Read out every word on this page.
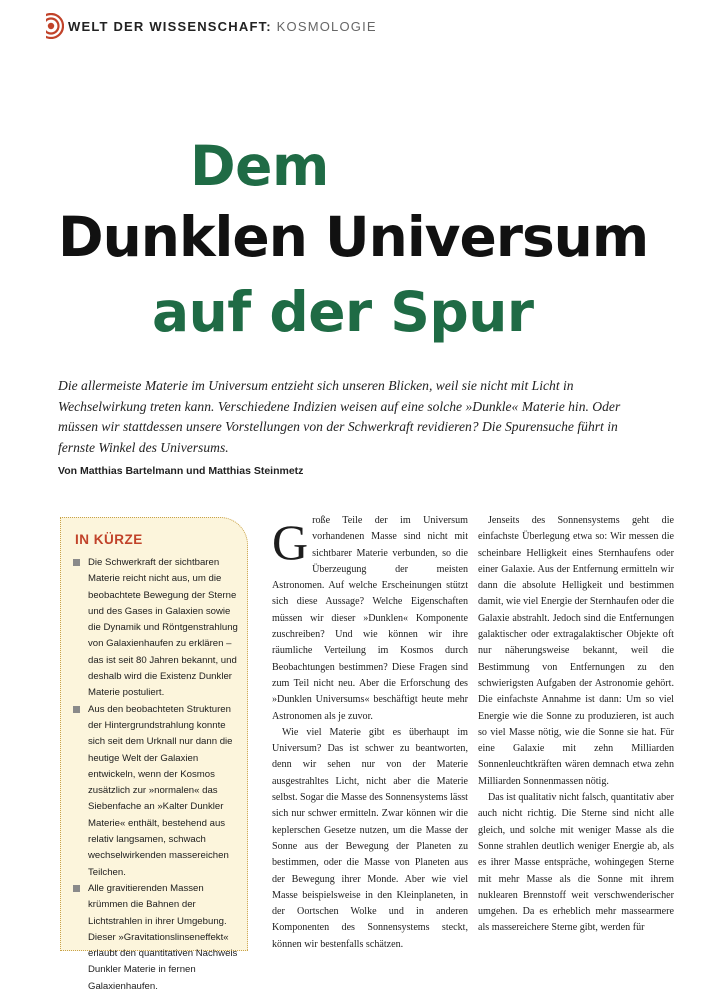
WELT DER WISSENSCHAFT: KOSMOLOGIE
Dem
Dunklen Universum
auf der Spur

Die allermeiste Materie im Universum entzieht sich unseren Blicken, weil sie nicht mit Licht in Wechselwirkung treten kann. Verschiedene Indizien weisen auf eine solche »Dunkle« Materie hin. Oder müssen wir stattdessen unsere Vorstellungen von der Schwerkraft revidieren? Die Spurensuche führt in fernste Winkel des Universums.

Von Matthias Bartelmann und Matthias Steinmetz

IN KÜRZE
Die Schwerkraft der sichtbaren Materie reicht nicht aus, um die beobachtete Bewegung der Sterne und des Gases in Galaxien sowie die Dynamik und Röntgenstrahlung von Galaxienhaufen zu erklären – das ist seit 80 Jahren bekannt, und deshalb wird die Existenz Dunkler Materie postuliert.
Aus den beobachteten Strukturen der Hintergrundstrahlung konnte sich seit dem Urknall nur dann die heutige Welt der Galaxien entwickeln, wenn der Kosmos zusätzlich zur »normalen« das Siebenfache an »Kalter Dunkler Materie« enthält, bestehend aus relativ langsamen, schwach wechselwirkenden massereichen Teilchen.
Alle gravitierenden Massen krümmen die Bahnen der Lichtstrahlen in ihrer Umgebung. Dieser »Gravitationslinseneffekt« erlaubt den quantitativen Nachweis Dunkler Materie in fernen Galaxienhaufen.

Große Teile der im Universum vorhandenen Masse sind nicht mit sichtbarer Materie verbunden, so die Überzeugung der meisten Astronomen. Auf welche Erscheinungen stützt sich diese Aussage? Welche Eigenschaften müssen wir dieser »Dunklen« Komponente zuschreiben? Und wie können wir ihre räumliche Verteilung im Kosmos durch Beobachtungen bestimmen? Diese Fragen sind zum Teil nicht neu. Aber die Erforschung des »Dunklen Universums« beschäftigt heute mehr Astronomen als je zuvor.

Wie viel Materie gibt es überhaupt im Universum? Das ist schwer zu beantworten, denn wir sehen nur von der Materie ausgestrahltes Licht, nicht aber die Materie selbst. Sogar die Masse des Sonnensystems lässt sich nur schwer ermitteln. Zwar können wir die keplerschen Gesetze nutzen, um die Masse der Sonne aus der Bewegung der Planeten zu bestimmen, oder die Masse von Planeten aus der Bewegung ihrer Monde. Aber wie viel Masse beispielsweise in den Kleinplaneten, in der Oortschen Wolke und in anderen Komponenten des Sonnensystems steckt, können wir bestenfalls schätzen.

Jenseits des Sonnensystems geht die einfachste Überlegung etwa so: Wir messen die scheinbare Helligkeit eines Sternhaufens oder einer Galaxie. Aus der Entfernung ermitteln wir dann die absolute Helligkeit und bestimmen damit, wie viel Energie der Sternhaufen oder die Galaxie abstrahlt. Jedoch sind die Entfernungen galaktischer oder extragalaktischer Objekte oft nur näherungsweise bekannt, weil die Bestimmung von Entfernungen zu den schwierigsten Aufgaben der Astronomie gehört. Die einfachste Annahme ist dann: Um so viel Energie wie die Sonne zu produzieren, ist auch so viel Masse nötig, wie die Sonne sie hat. Für eine Galaxie mit zehn Milliarden Sonnenleuchtkräften wären demnach etwa zehn Milliarden Sonnenmassen nötig.

Das ist qualitativ nicht falsch, quantitativ aber auch nicht richtig. Die Sterne sind nicht alle gleich, und solche mit weniger Masse als die Sonne strahlen deutlich weniger Energie ab, als es ihrer Masse entspräche, wohingegen Sterne mit mehr Masse als die Sonne mit ihrem nuklearen Brennstoff weit verschwenderischer umgehen. Da es erheblich mehr massearmere als massereichere Sterne gibt, werden für
